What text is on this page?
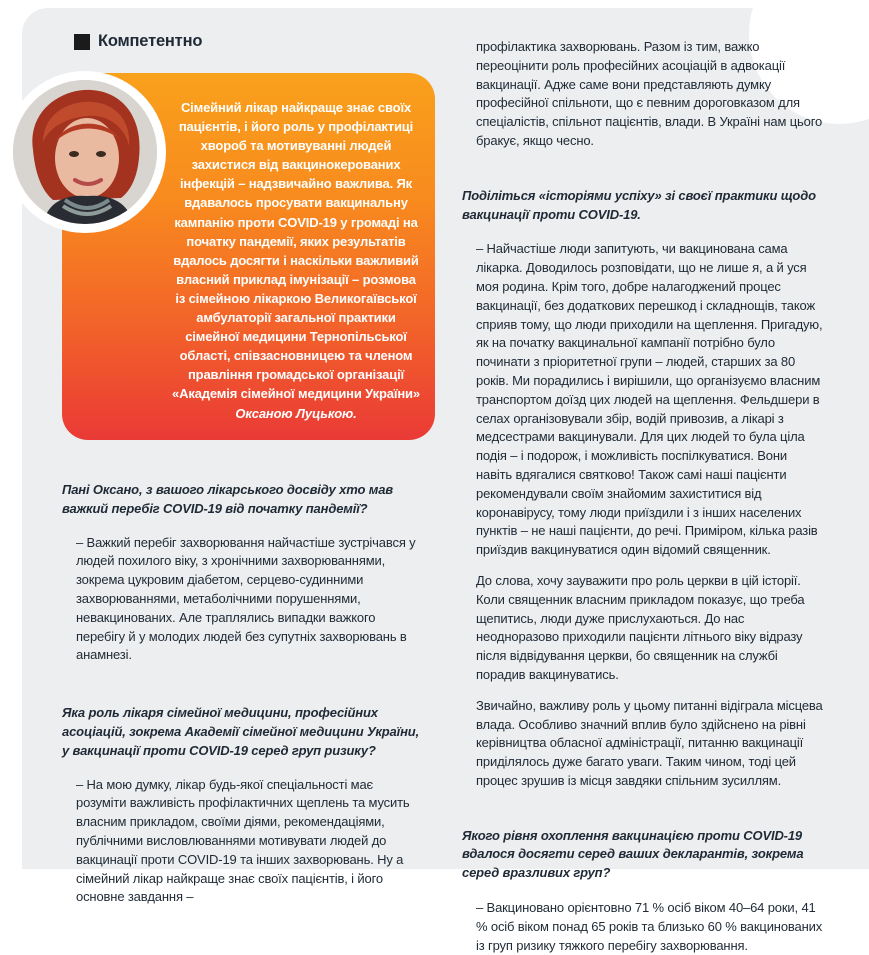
Компетентно

Сімейний лікар найкраще знає своїх пацієнтів, і його роль у профілактиці хвороб та мотивуванні людей захистися від вакцинокерованих інфекцій – надзвичайно важлива. Як вдавалось просувати вакцинальну кампанію проти COVID-19 у громаді на початку пандемії, яких результатів вдалось досягти і наскільки важливий власний приклад імунізації – розмова із сімейною лікаркою Великогаївської амбулаторії загальної практики сімейної медицини Тернопільської області, співзасновницею та членом правління громадської організації «Академія сімейної медицини України» Оксаною Луцькою.

Пані Оксано, з вашого лікарського досвіду хто мав важкий перебіг COVID-19 від початку пандемії?

– Важкий перебіг захворювання найчастіше зустрічався у людей похилого віку, з хронічними захворюваннями, зокрема цукровим діабетом, серцево-судинними захворюваннями, метаболічними порушеннями, невакцинованих. Але траплялись випадки важкого перебігу й у молодих людей без супутніх захворювань в анамнезі.

Яка роль лікаря сімейної медицини, професійних асоціацій, зокрема Академії сімейної медицини України, у вакцинації проти COVID-19 серед груп ризику?

– На мою думку, лікар будь-якої спеціальності має розуміти важливість профілактичних щеплень та мусить власним прикладом, своїми діями, рекомендаціями, публічними висловлюваннями мотивувати людей до вакцинації проти COVID-19 та інших захворювань. Ну а сімейний лікар найкраще знає своїх пацієнтів, і його основне завдання –

профілактика захворювань. Разом із тим, важко переоцінити роль професійних асоціацій в адвокації вакцинації. Адже саме вони представляють думку професійної спільноти, що є певним дороговказом для спеціалістів, спільнот пацієнтів, влади. В Україні нам цього бракує, якщо чесно.

Поділіться «історіями успіху» зі своєї практики щодо вакцинації проти COVID-19.

– Найчастіше люди запитують, чи вакцинована сама лікарка. Доводилось розповідати, що не лише я, а й уся моя родина. Крім того, добре налагоджений процес вакцинації, без додаткових перешкод і складнощів, також сприяв тому, що люди приходили на щеплення. Пригадую, як на початку вакцинальної кампанії потрібно було починати з пріоритетної групи – людей, старших за 80 років. Ми порадились і вирішили, що організуємо власним транспортом доїзд цих людей на щеплення. Фельдшери в селах організовували збір, водій привозив, а лікарі з медсестрами вакцинували. Для цих людей то була ціла подія – і подорож, і можливість поспілкуватися. Вони навіть вдягалися святково! Також самі наші пацієнти рекомендували своїм знайомим захиститися від коронавірусу, тому люди приїздили і з інших населених пунктів – не наші пацієнти, до речі. Приміром, кілька разів приїздив вакцинуватися один відомий священник.

До слова, хочу зауважити про роль церкви в цій історії. Коли священник власним прикладом показує, що треба щепитись, люди дуже прислухаються. До нас неодноразово приходили пацієнти літнього віку відразу після відвідування церкви, бо священник на службі порадив вакцинуватись.

Звичайно, важливу роль у цьому питанні відіграла місцева влада. Особливо значний вплив було здійснено на рівні керівництва обласної адміністрації, питанню вакцинації приділялось дуже багато уваги. Таким чином, тоді цей процес зрушив із місця завдяки спільним зусиллям.

Якого рівня охоплення вакцинацією проти COVID-19 вдалося досягти серед ваших декларантів, зокрема серед вразливих груп?

– Вакциновано орієнтовно 71 % осіб віком 40–64 роки, 41 % осіб віком понад 65 років та близько 60 % вакцинованих із груп ризику тяжкого перебігу захворювання.
